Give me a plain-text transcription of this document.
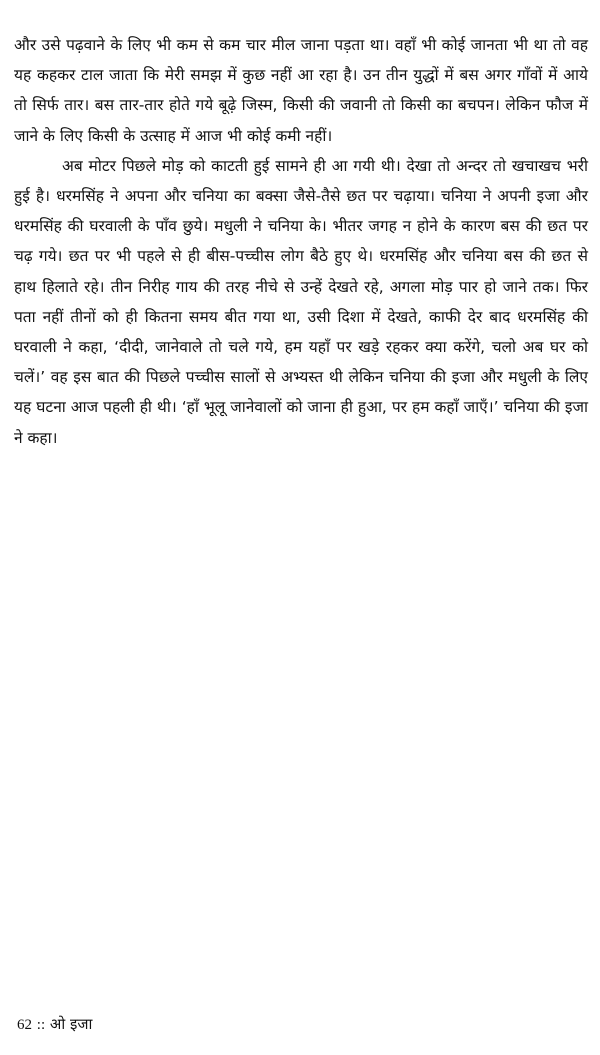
और उसे पढ़वाने के लिए भी कम से कम चार मील जाना पड़ता था। वहाँ भी कोई जानता भी था तो वह यह कहकर टाल जाता कि मेरी समझ में कुछ नहीं आ रहा है। उन तीन युद्धों में बस अगर गाँवों में आये तो सिर्फ तार। बस तार-तार होते गये बूढ़े जिस्म, किसी की जवानी तो किसी का बचपन। लेकिन फौज में जाने के लिए किसी के उत्साह में आज भी कोई कमी नहीं।

अब मोटर पिछले मोड़ को काटती हुई सामने ही आ गयी थी। देखा तो अन्दर तो खचाखच भरी हुई है। धरमसिंह ने अपना और चनिया का बक्सा जैसे-तैसे छत पर चढ़ाया। चनिया ने अपनी इजा और धरमसिंह की घरवाली के पाँव छुये। मधुली ने चनिया के। भीतर जगह न होने के कारण बस की छत पर चढ़ गये। छत पर भी पहले से ही बीस-पच्चीस लोग बैठे हुए थे। धरमसिंह और चनिया बस की छत से हाथ हिलाते रहे। तीन निरीह गाय की तरह नीचे से उन्हें देखते रहे, अगला मोड़ पार हो जाने तक। फिर पता नहीं तीनों को ही कितना समय बीत गया था, उसी दिशा में देखते, काफी देर बाद धरमसिंह की घरवाली ने कहा, ‘दीदी, जानेवाले तो चले गये, हम यहाँ पर खड़े रहकर क्या करेंगे, चलो अब घर को चलें।’ वह इस बात की पिछले पच्चीस सालों से अभ्यस्त थी लेकिन चनिया की इजा और मधुली के लिए यह घटना आज पहली ही थी। ‘हाँ भूलू जानेवालों को जाना ही हुआ, पर हम कहाँ जाएँ।’ चनिया की इजा ने कहा।

62 :: ओ इजा
